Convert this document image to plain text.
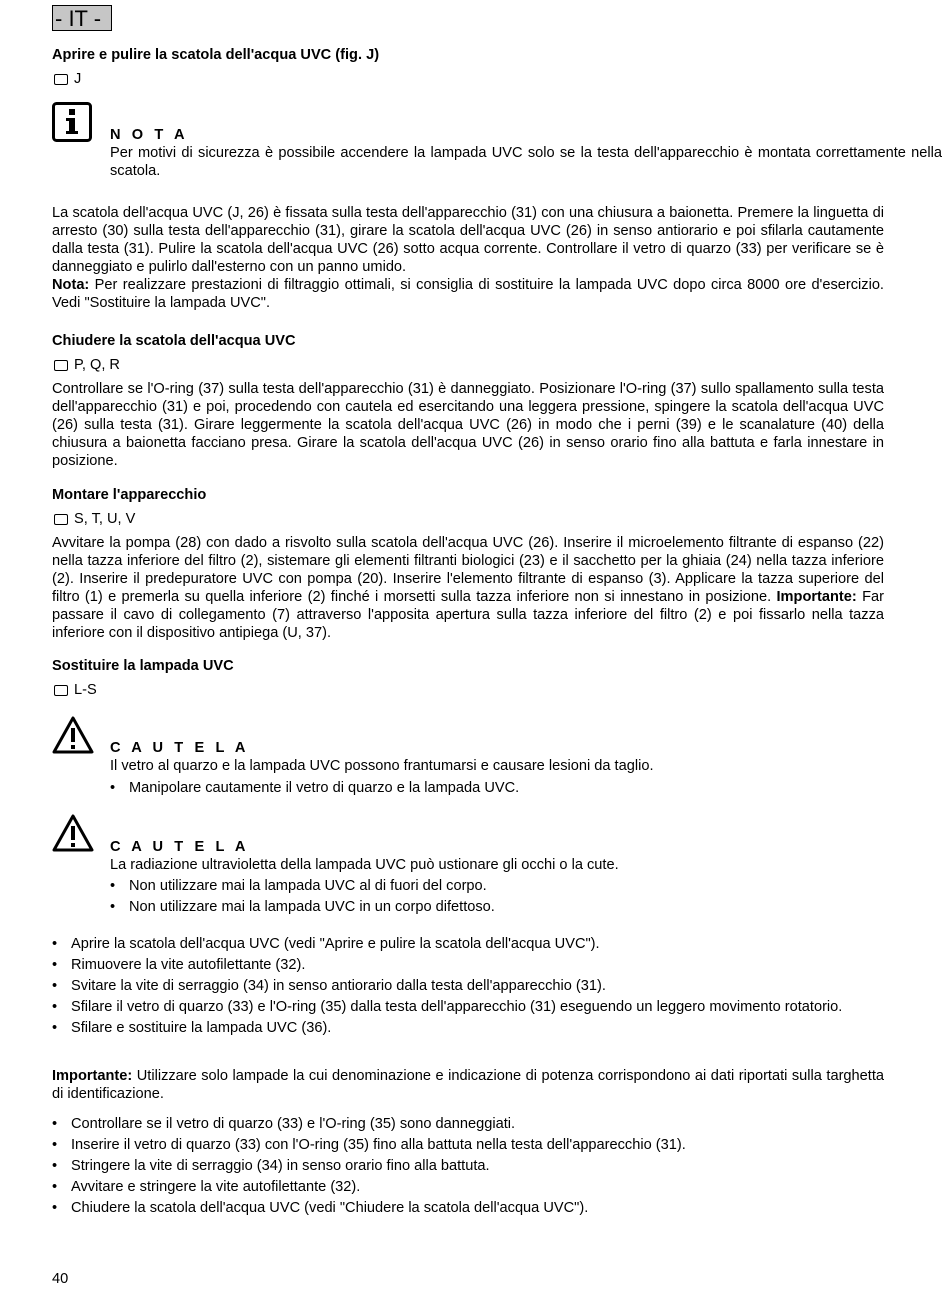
- IT -

Aprire e pulire la scatola dell'acqua UVC (fig. J)

J

N O T A

Per motivi di sicurezza è possibile accendere la lampada UVC solo se la testa dell'apparecchio è montata correttamente nella scatola.

La scatola dell'acqua UVC (J, 26) è fissata sulla testa dell'apparecchio (31) con una chiusura a baionetta. Premere la linguetta di arresto (30) sulla testa dell'apparecchio (31), girare la scatola dell'acqua UVC (26) in senso antiorario e poi sfilarla cautamente dalla testa (31). Pulire la scatola dell'acqua UVC (26) sotto acqua corrente. Controllare il vetro di quarzo (33) per verificare se è danneggiato e pulirlo dall'esterno con un panno umido.

Nota: Per realizzare prestazioni di filtraggio ottimali, si consiglia di sostituire la lampada UVC dopo circa 8000 ore d'esercizio. Vedi "Sostituire la lampada UVC".

Chiudere la scatola dell'acqua UVC

P, Q, R

Controllare se l'O-ring (37) sulla testa dell'apparecchio (31) è danneggiato. Posizionare l'O-ring (37) sullo spallamento sulla testa dell'apparecchio (31) e poi, procedendo con cautela ed esercitando una leggera pressione, spingere la scatola dell'acqua UVC (26) sulla testa (31). Girare leggermente la scatola dell'acqua UVC (26) in modo che i perni (39) e le scanalature (40) della chiusura a baionetta facciano presa. Girare la scatola dell'acqua UVC (26) in senso orario fino alla battuta e farla innestare in posizione.

Montare l'apparecchio

S, T, U, V

Avvitare la pompa (28) con dado a risvolto sulla scatola dell'acqua UVC (26). Inserire il microelemento filtrante di espanso (22) nella tazza inferiore del filtro (2), sistemare gli elementi filtranti biologici (23) e il sacchetto per la ghiaia (24) nella tazza inferiore (2). Inserire il predepuratore UVC con pompa (20). Inserire l'elemento filtrante di espanso (3). Applicare la tazza superiore del filtro (1) e premerla su quella inferiore (2) finché i morsetti sulla tazza inferiore non si innestano in posizione. Importante: Far passare il cavo di collegamento (7) attraverso l'apposita apertura sulla tazza inferiore del filtro (2) e poi fissarlo nella tazza inferiore con il dispositivo antipiega (U, 37).

Sostituire la lampada UVC

L-S

C A U T E L A

Il vetro al quarzo e la lampada UVC possono frantumarsi e causare lesioni da taglio.

• Manipolare cautamente il vetro di quarzo e la lampada UVC.

C A U T E L A

La radiazione ultravioletta della lampada UVC può ustionare gli occhi o la cute.

• Non utilizzare mai la lampada UVC al di fuori del corpo.
• Non utilizzare mai la lampada UVC in un corpo difettoso.
• Aprire la scatola dell'acqua UVC (vedi "Aprire e pulire la scatola dell'acqua UVC").
• Rimuovere la vite autofilettante (32).
• Svitare la vite di serraggio (34) in senso antiorario dalla testa dell'apparecchio (31).
• Sfilare il vetro di quarzo (33) e l'O-ring (35) dalla testa dell'apparecchio (31) eseguendo un leggero movimento rotatorio.
• Sfilare e sostituire la lampada UVC (36).

Importante: Utilizzare solo lampade la cui denominazione e indicazione di potenza corrispondono ai dati riportati sulla targhetta di identificazione.

• Controllare se il vetro di quarzo (33) e l'O-ring (35) sono danneggiati.
• Inserire il vetro di quarzo (33) con l'O-ring (35) fino alla battuta nella testa dell'apparecchio (31).
• Stringere la vite di serraggio (34) in senso orario fino alla battuta.
• Avvitare e stringere la vite autofilettante (32).
• Chiudere la scatola dell'acqua UVC (vedi "Chiudere la scatola dell'acqua UVC").
40
